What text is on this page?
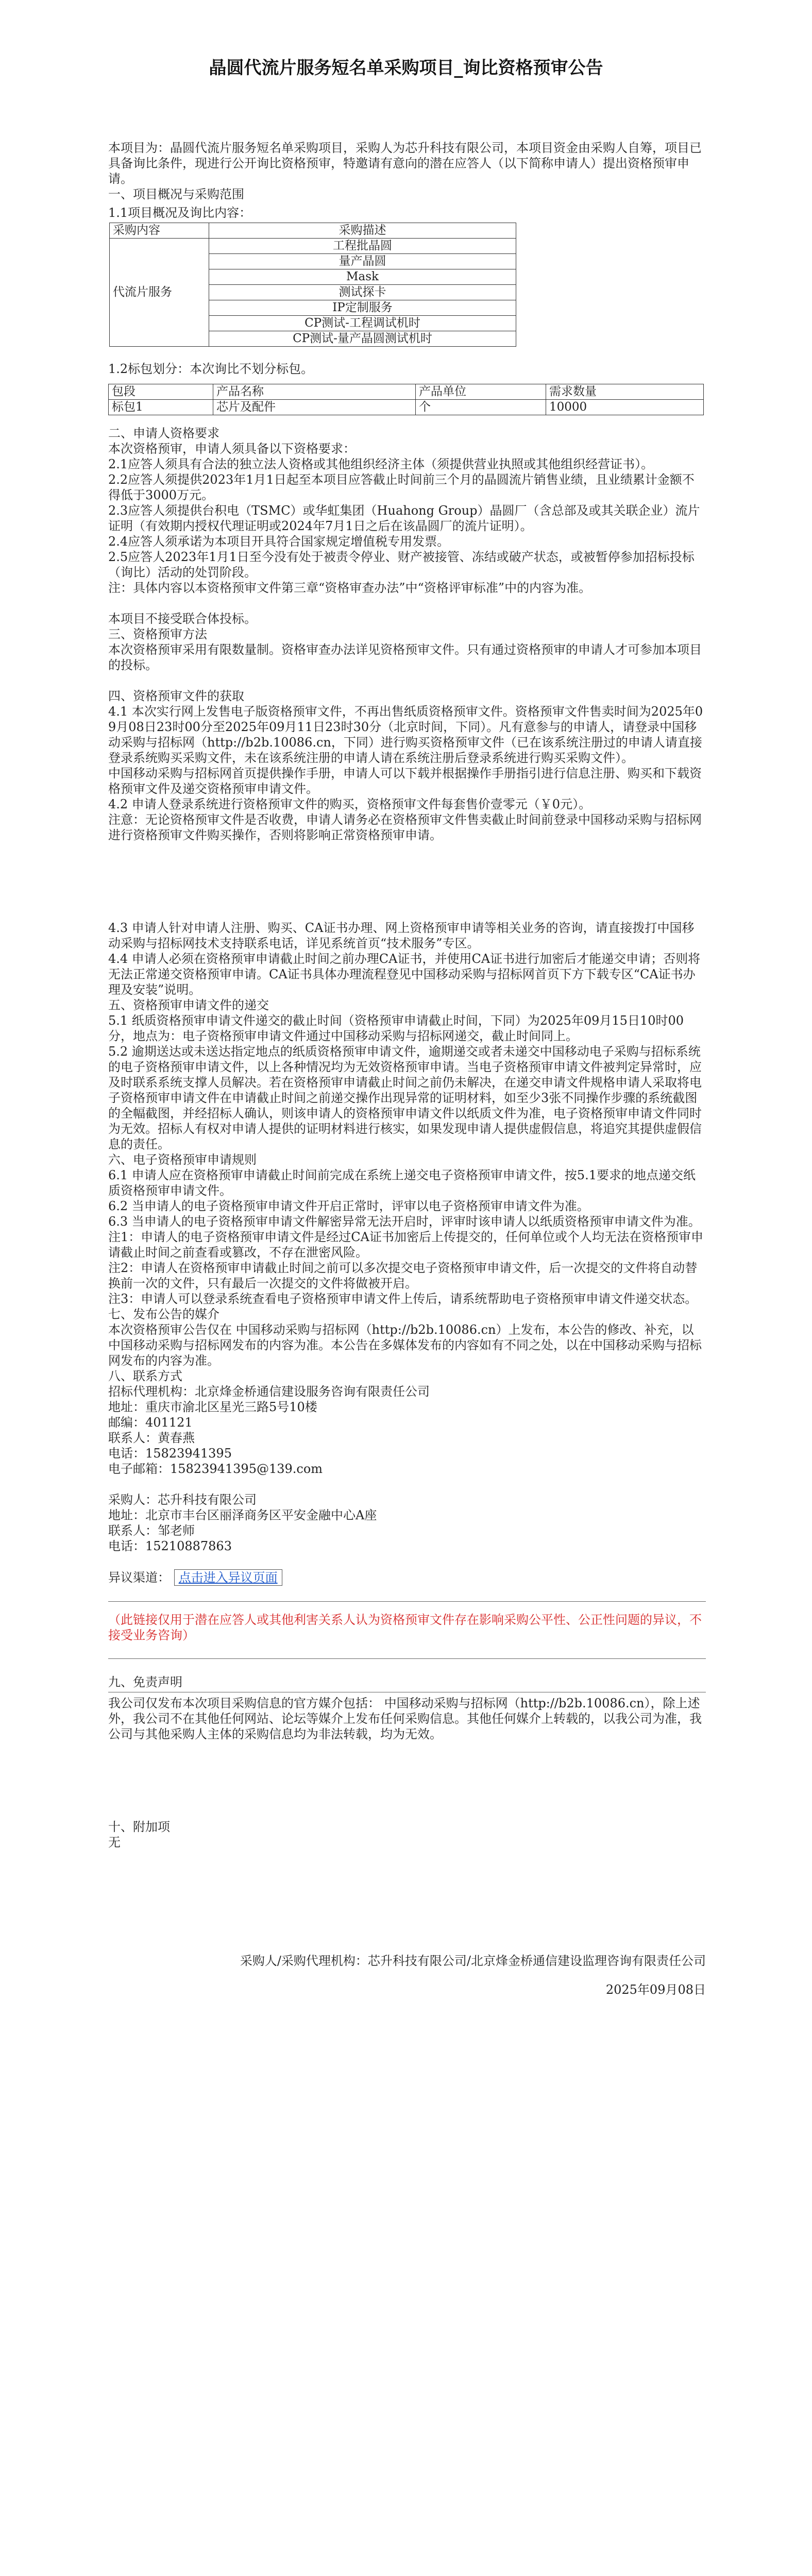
晶圆代流片服务短名单采购项目_询比资格预审公告

本项目为：晶圆代流片服务短名单采购项目，采购人为芯升科技有限公司，本项目资金由采购人自筹，项目已具备询比条件，现进行公开询比资格预审，特邀请有意向的潜在应答人（以下简称申请人）提出资格预审申请。

一、项目概况与采购范围

1.1项目概况及询比内容：

采购内容	采购描述
代流片服务	工程批晶圆
	量产晶圆
	Mask
	测试探卡
	IP定制服务
	CP测试-工程调试机时
	CP测试-量产晶圆测试机时

1.2标包划分：本次询比不划分标包。

包段	产品名称	产品单位	需求数量
标包1	芯片及配件	个	10000

二、申请人资格要求

本次资格预审，申请人须具备以下资格要求：

2.1应答人须具有合法的独立法人资格或其他组织经济主体（须提供营业执照或其他组织经营证书）。

2.2应答人须提供2023年1月1日起至本项目应答截止时间前三个月的晶圆流片销售业绩，且业绩累计金额不得低于3000万元。

2.3应答人须提供台积电（TSMC）或华虹集团（Huahong Group）晶圆厂（含总部及或其关联企业）流片证明（有效期内授权代理证明或2024年7月1日之后在该晶圆厂的流片证明）。

2.4应答人须承诺为本项目开具符合国家规定增值税专用发票。

2.5应答人2023年1月1日至今没有处于被责令停业、财产被接管、冻结或破产状态，或被暂停参加招标投标（询比）活动的处罚阶段。

注：具体内容以本资格预审文件第三章“资格审查办法”中“资格评审标准”中的内容为准。

本项目不接受联合体投标。

三、资格预审方法

本次资格预审采用有限数量制。资格审查办法详见资格预审文件。只有通过资格预审的申请人才可参加本项目的投标。

四、资格预审文件的获取

4.1 本次实行网上发售电子版资格预审文件，不再出售纸质资格预审文件。资格预审文件售卖时间为2025年09月08日23时00分至2025年09月11日23时30分（北京时间，下同）。凡有意参与的申请人，请登录中国移动采购与招标网（http://b2b.10086.cn，下同）进行购买资格预审文件（已在该系统注册过的申请人请直接登录系统购买采购文件，未在该系统注册的申请人请在系统注册后登录系统进行购买采购文件）。

中国移动采购与招标网首页提供操作手册，申请人可以下载并根据操作手册指引进行信息注册、购买和下载资格预审文件及递交资格预审申请文件。

4.2 申请人登录系统进行资格预审文件的购买，资格预审文件每套售价壹零元（￥0元）。

注意：无论资格预审文件是否收费，申请人请务必在资格预审文件售卖截止时间前登录中国移动采购与招标网进行资格预审文件购买操作，否则将影响正常资格预审申请。

4.3 申请人针对申请人注册、购买、CA证书办理、网上资格预审申请等相关业务的咨询，请直接拨打中国移动采购与招标网技术支持联系电话，详见系统首页“技术服务”专区。

4.4 申请人必须在资格预审申请截止时间之前办理CA证书，并使用CA证书进行加密后才能递交申请；否则将无法正常递交资格预审申请。CA证书具体办理流程登见中国移动采购与招标网首页下方下载专区“CA证书办理及安装”说明。

五、资格预审申请文件的递交

5.1 纸质资格预审申请文件递交的截止时间（资格预审申请截止时间，下同）为2025年09月15日10时00分，地点为：电子资格预审申请文件通过中国移动采购与招标网递交，截止时间同上。

5.2 逾期送达或未送达指定地点的纸质资格预审申请文件，逾期递交或者未递交中国移动电子采购与招标系统的电子资格预审申请文件，以上各种情况均为无效资格预审申请。当电子资格预审申请文件被判定异常时，应及时联系系统支撑人员解决。若在资格预审申请截止时间之前仍未解决，在递交申请文件规格申请人采取将电子资格预审申请文件在申请截止时间之前递交操作出现异常的证明材料，如至少3张不同操作步骤的系统截图的全幅截图，并经招标人确认，则该申请人的资格预审申请文件以纸质文件为准，电子资格预审申请文件同时为无效。招标人有权对申请人提供的证明材料进行核实，如果发现申请人提供虚假信息，将追究其提供虚假信息的责任。

六、电子资格预审申请规则

6.1 申请人应在资格预审申请截止时间前完成在系统上递交电子资格预审申请文件，按5.1要求的地点递交纸质资格预审申请文件。

6.2 当申请人的电子资格预审申请文件开启正常时，评审以电子资格预审申请文件为准。

6.3 当申请人的电子资格预审申请文件解密异常无法开启时，评审时该申请人以纸质资格预审申请文件为准。

注1：申请人的电子资格预审申请文件是经过CA证书加密后上传提交的，任何单位或个人均无法在资格预审申请截止时间之前查看或篡改，不存在泄密风险。

注2：申请人在资格预审申请截止时间之前可以多次提交电子资格预审申请文件，后一次提交的文件将自动替换前一次的文件，只有最后一次提交的文件将做被开启。

注3：申请人可以登录系统查看电子资格预审申请文件上传后，请系统帮助电子资格预审申请文件递交状态。

七、发布公告的媒介

本次资格预审公告仅在 中国移动采购与招标网（http://b2b.10086.cn）上发布，本公告的修改、补充，以中国移动采购与招标网发布的内容为准。本公告在多媒体发布的内容如有不同之处，以在中国移动采购与招标网发布的内容为准。

八、联系方式

招标代理机构：北京烽金桥通信建设服务咨询有限责任公司

地址：重庆市渝北区星光三路5号10楼

邮编：401121

联系人：黄春燕

电话：15823941395

电子邮箱：15823941395@139.com

采购人：芯升科技有限公司

地址：北京市丰台区丽泽商务区平安金融中心A座

联系人：邹老师

电话：15210887863

异议渠道： 点击进入异议页面

（此链接仅用于潜在应答人或其他利害关系人认为资格预审文件存在影响采购公平性、公正性问题的异议，不接受业务咨询）

九、免责声明

我公司仅发布本次项目采购信息的官方媒介包括： 中国移动采购与招标网（http://b2b.10086.cn），除上述外，我公司不在其他任何网站、论坛等媒介上发布任何采购信息。其他任何媒介上转载的，以我公司为准，我公司与其他采购人主体的采购信息均为非法转载，均为无效。

十、附加项

无

采购人/采购代理机构：芯升科技有限公司/北京烽金桥通信建设监理咨询有限责任公司

2025年09月08日
